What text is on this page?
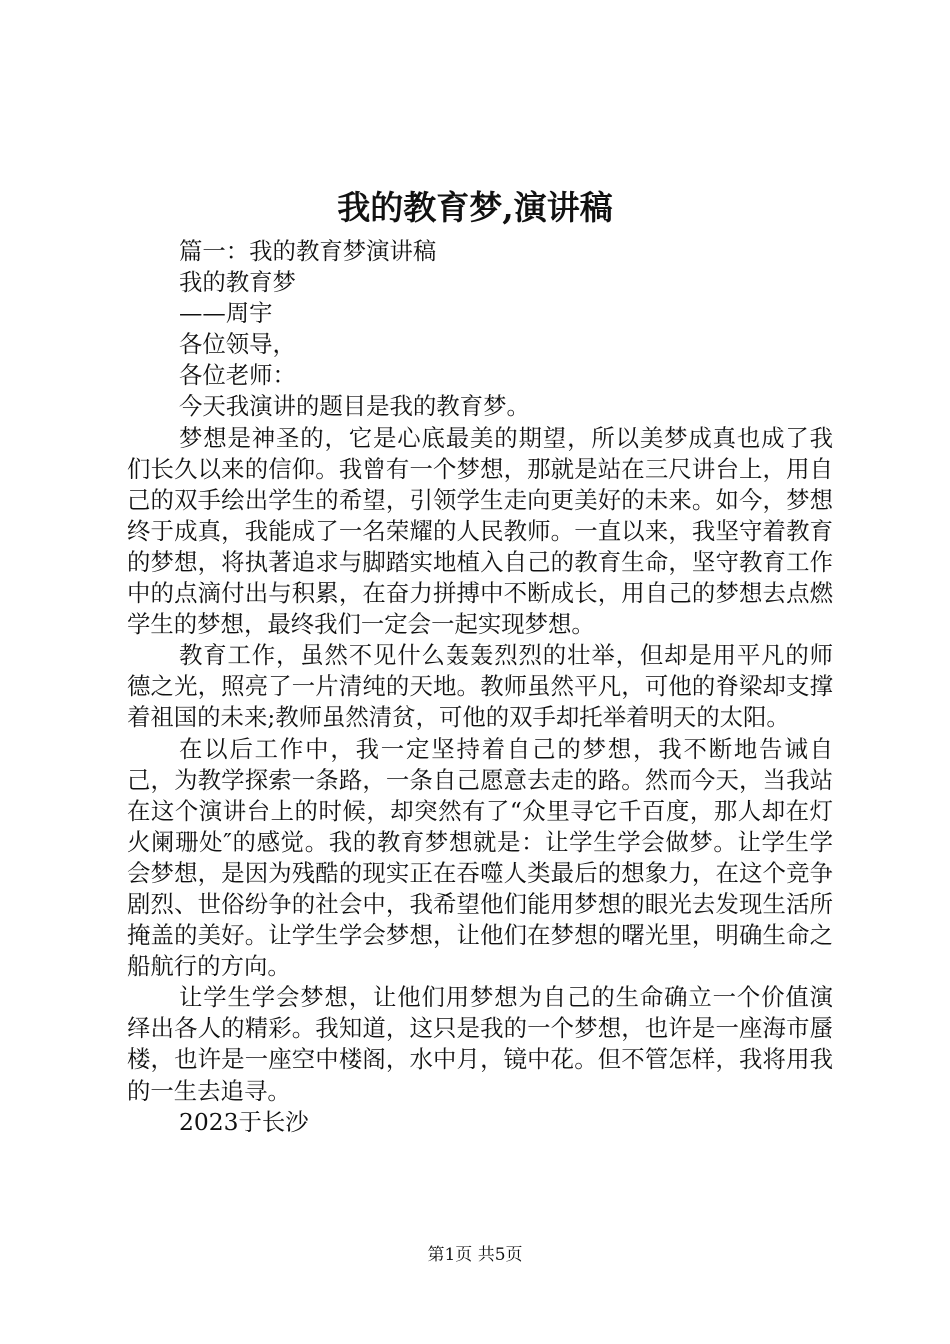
我的教育梦,演讲稿
篇一：我的教育梦演讲稿
我的教育梦
——周宇
各位领导，
各位老师：
今天我演讲的题目是我的教育梦。

梦想是神圣的，它是心底最美的期望，所以美梦成真也成了我们长久以来的信仰。我曾有一个梦想，那就是站在三尺讲台上，用自己的双手绘出学生的希望，引领学生走向更美好的未来。如今，梦想终于成真，我能成了一名荣耀的人民教师。一直以来，我坚守着教育的梦想，将执著追求与脚踏实地植入自己的教育生命，坚守教育工作中的点滴付出与积累，在奋力拼搏中不断成长，用自己的梦想去点燃学生的梦想，最终我们一定会一起实现梦想。

教育工作，虽然不见什么轰轰烈烈的壮举，但却是用平凡的师德之光，照亮了一片清纯的天地。教师虽然平凡，可他的脊梁却支撑着祖国的未来;教师虽然清贫，可他的双手却托举着明天的太阳。

在以后工作中，我一定坚持着自己的梦想，我不断地告诫自己，为教学探索一条路，一条自己愿意去走的路。然而今天，当我站在这个演讲台上的时候，却突然有了“众里寻它千百度，那人却在灯火阑珊处″的感觉。我的教育梦想就是：让学生学会做梦。让学生学会梦想，是因为残酷的现实正在吞噬人类最后的想象力，在这个竞争剧烈、世俗纷争的社会中，我希望他们能用梦想的眼光去发现生活所掩盖的美好。让学生学会梦想，让他们在梦想的曙光里，明确生命之船航行的方向。

让学生学会梦想，让他们用梦想为自己的生命确立一个价值演绎出各人的精彩。我知道，这只是我的一个梦想，也许是一座海市蜃楼，也许是一座空中楼阁，水中月，镜中花。但不管怎样，我将用我的一生去追寻。

2023于长沙
第1页 共5页
